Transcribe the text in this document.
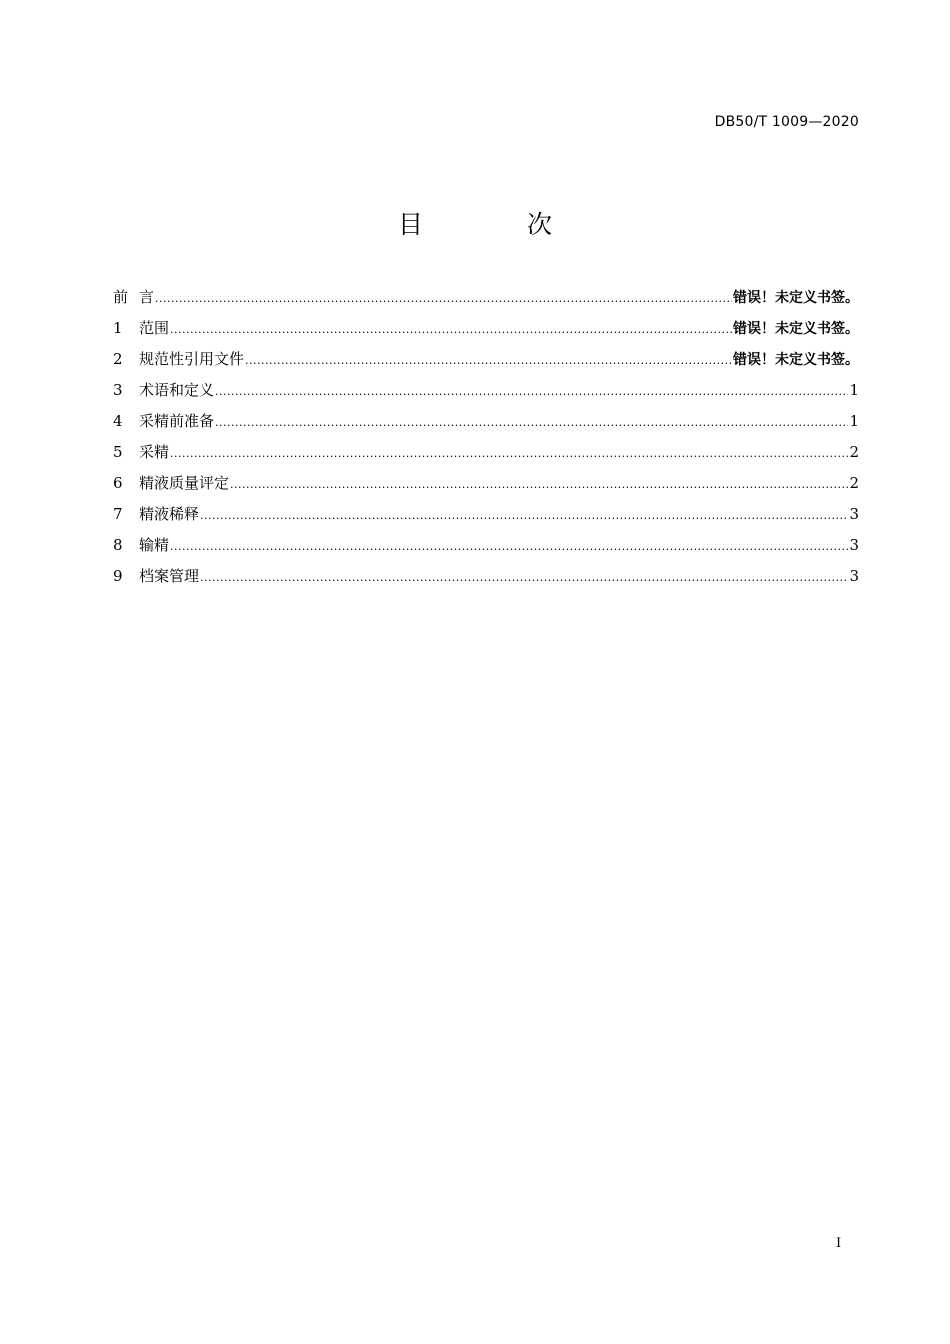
DB50/T 1009—2020
目 次
前 言 .....	错误！未定义书签。
1	范围 .....	错误！未定义书签。
2	规范性引用文件 .....	错误！未定义书签。
3	术语和定义 .....	1
4	采精前准备 .....	1
5	采精 .....	2
6	精液质量评定 .....	2
7	精液稀释 .....	3
8	输精 .....	3
9	档案管理 .....	3
I
